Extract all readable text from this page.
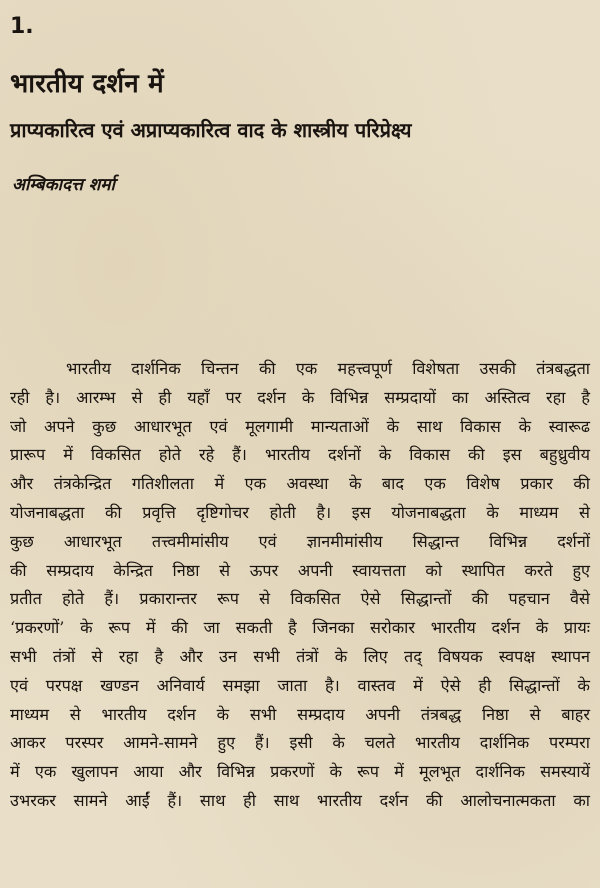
1.
भारतीय दर्शन में
प्राप्यकारित्व एवं अप्राप्यकारित्व वाद के शास्त्रीय परिप्रेक्ष्य
अम्बिकादत्त शर्मा
भारतीय दार्शनिक चिन्तन की एक महत्त्वपूर्ण विशेषता उसकी तंत्रबद्धता
रही है। आरम्भ से ही यहाँ पर दर्शन के विभिन्न सम्प्रदायों का अस्तित्व रहा है
जो अपने कुछ आधारभूत एवं मूलगामी मान्यताओं के साथ विकास के स्वारूढ
प्रारूप में विकसित होते रहे हैं। भारतीय दर्शनों के विकास की इस बहुध्रुवीय
और तंत्रकेन्द्रित गतिशीलता में एक अवस्था के बाद एक विशेष प्रकार की
योजनाबद्धता की प्रवृत्ति दृष्टिगोचर होती है। इस योजनाबद्धता के माध्यम से
कुछ आधारभूत तत्त्वमीमांसीय एवं ज्ञानमीमांसीय सिद्धान्त विभिन्न दर्शनों
की सम्प्रदाय केन्द्रित निष्ठा से ऊपर अपनी स्वायत्तता को स्थापित करते हुए
प्रतीत होते हैं। प्रकारान्तर रूप से विकसित ऐसे सिद्धान्तों की पहचान वैसे
‘प्रकरणों’ के रूप में की जा सकती है जिनका सरोकार भारतीय दर्शन के प्रायः
सभी तंत्रों से रहा है और उन सभी तंत्रों के लिए तद् विषयक स्वपक्ष स्थापन
एवं परपक्ष खण्डन अनिवार्य समझा जाता है। वास्तव में ऐसे ही सिद्धान्तों के
माध्यम से भारतीय दर्शन के सभी सम्प्रदाय अपनी तंत्रबद्ध निष्ठा से बाहर
आकर परस्पर आमने-सामने हुए हैं। इसी के चलते भारतीय दार्शनिक परम्परा
में एक खुलापन आया और विभिन्न प्रकरणों के रूप में मूलभूत दार्शनिक समस्यायें
उभरकर सामने आईं हैं। साथ ही साथ भारतीय दर्शन की आलोचनात्मकता का
